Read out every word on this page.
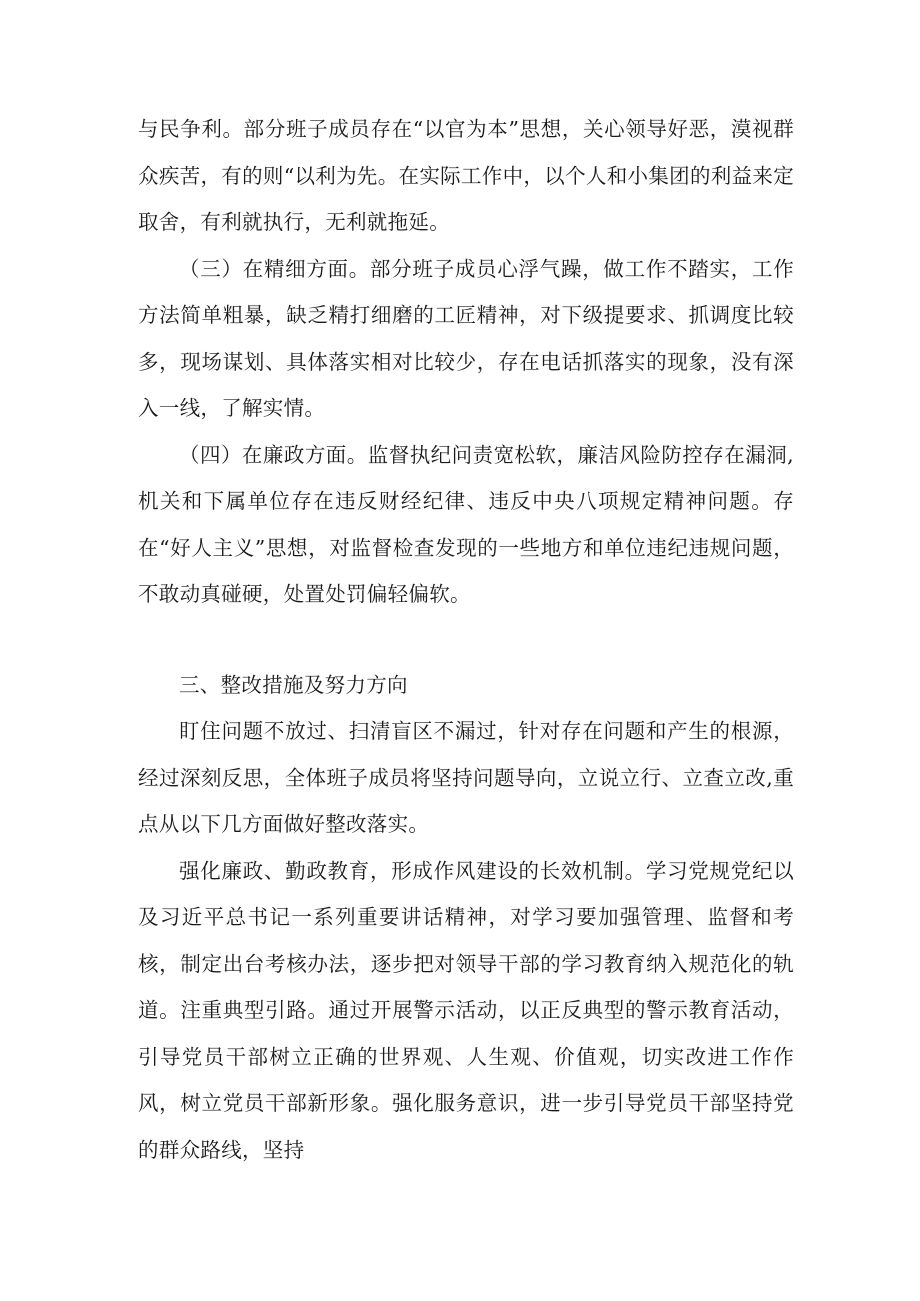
与民争利。部分班子成员存在“以官为本”思想，关心领导好恶，漠视群众疾苦，有的则“以利为先。在实际工作中，以个人和小集团的利益来定取舍，有利就执行，无利就拖延。

（三）在精细方面。部分班子成员心浮气躁，做工作不踏实，工作方法简单粗暴，缺乏精打细磨的工匠精神，对下级提要求、抓调度比较多，现场谋划、具体落实相对比较少，存在电话抓落实的现象，没有深入一线，了解实情。

（四）在廉政方面。监督执纪问责宽松软，廉洁风险防控存在漏洞,机关和下属单位存在违反财经纪律、违反中央八项规定精神问题。存在“好人主义”思想，对监督检查发现的一些地方和单位违纪违规问题，不敢动真碰硬，处置处罚偏轻偏软。

三、整改措施及努力方向

盯住问题不放过、扫清盲区不漏过，针对存在问题和产生的根源，经过深刻反思，全体班子成员将坚持问题导向，立说立行、立查立改,重点从以下几方面做好整改落实。

强化廉政、勤政教育，形成作风建设的长效机制。学习党规党纪以及习近平总书记一系列重要讲话精神，对学习要加强管理、监督和考核，制定出台考核办法，逐步把对领导干部的学习教育纳入规范化的轨道。注重典型引路。通过开展警示活动，以正反典型的警示教育活动，引导党员干部树立正确的世界观、人生观、价值观，切实改进工作作风，树立党员干部新形象。强化服务意识，进一步引导党员干部坚持党的群众路线，坚持
